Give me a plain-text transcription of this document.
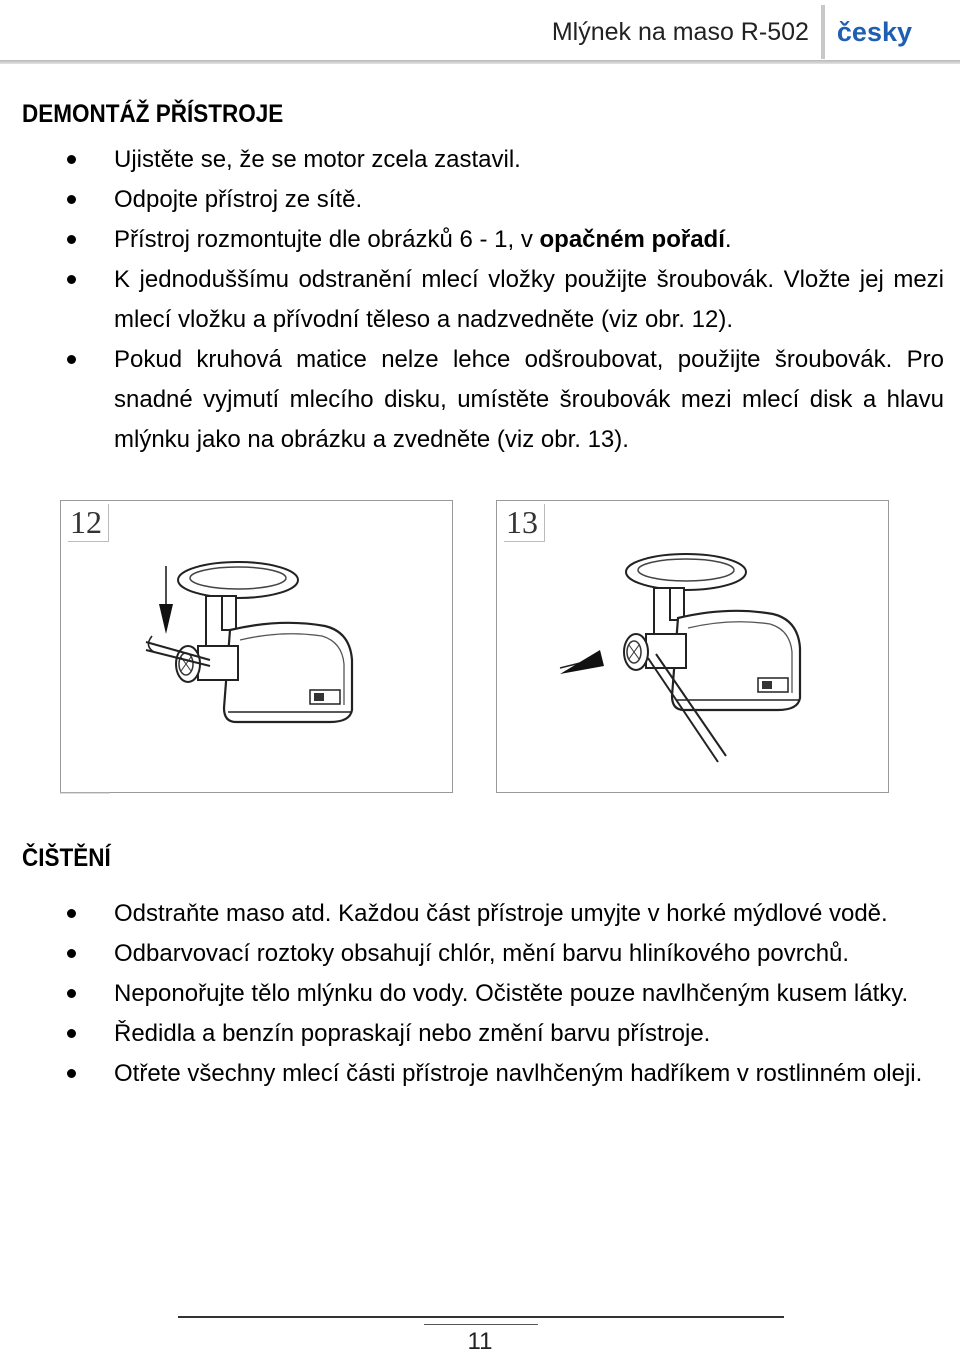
Mlýnek na maso R-502 česky
DEMONTÁŽ PŘÍSTROJE
Ujistěte se, že se motor zcela zastavil.
Odpojte přístroj ze sítě.
Přístroj rozmontujte dle obrázků 6 - 1, v opačném pořadí.
K jednoduššímu odstranění mlecí vložky použijte šroubovák. Vložte jej mezi mlecí vložku a přívodní těleso a nadzvedněte (viz obr. 12).
Pokud kruhová matice nelze lehce odšroubovat, použijte šroubovák. Pro snadné vyjmutí mlecího disku, umístěte šroubovák mezi mlecí disk a hlavu mlýnku jako na obrázku a zvedněte (viz obr. 13).
12	13
ČIŠTĚNÍ
Odstraňte maso atd. Každou část přístroje umyjte v horké mýdlové vodě.
Odbarvovací roztoky obsahují chlór, mění barvu hliníkového povrchů.
Neponořujte tělo mlýnku do vody. Očistěte pouze navlhčeným kusem látky.
Ředidla a benzín popraskají nebo změní barvu přístroje.
Otřete všechny mlecí části přístroje navlhčeným hadříkem v rostlinném oleji.
11
